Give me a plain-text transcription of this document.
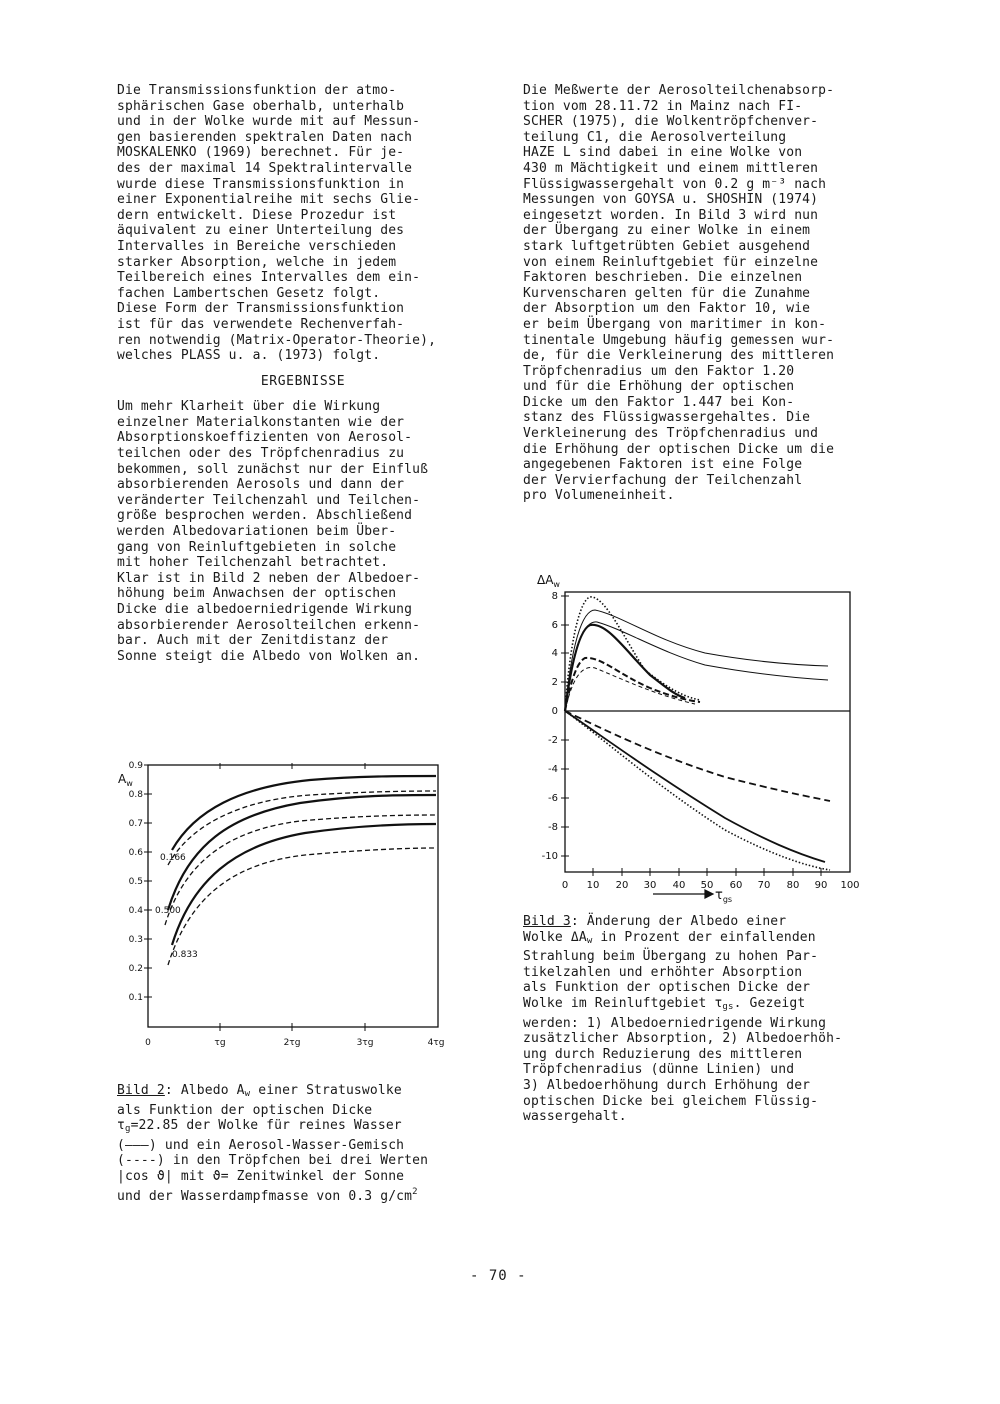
Die Transmissionsfunktion der atmo-
sphärischen Gase oberhalb, unterhalb
und in der Wolke wurde mit auf Messun-
gen basierenden spektralen Daten nach
MOSKALENKO (1969) berechnet. Für je-
des der maximal 14 Spektralintervalle
wurde diese Transmissionsfunktion in
einer Exponentialreihe mit sechs Glie-
dern entwickelt. Diese Prozedur ist
äquivalent zu einer Unterteilung des
Intervalles in Bereiche verschieden
starker Absorption, welche in jedem
Teilbereich eines Intervalles dem ein-
fachen Lambertschen Gesetz folgt.
Diese Form der Transmissionsfunktion
ist für das verwendete Rechenverfah-
ren notwendig (Matrix-Operator-Theorie),
welches PLASS u. a. (1973) folgt.

ERGEBNISSE

Um mehr Klarheit über die Wirkung
einzelner Materialkonstanten wie der
Absorptionskoeffizienten von Aerosol-
teilchen oder des Tröpfchenradius zu
bekommen, soll zunächst nur der Einfluß
absorbierenden Aerosols und dann der
veränderter Teilchenzahl und Teilchen-
größe besprochen werden. Abschließend
werden Albedovariationen beim Über-
gang von Reinluftgebieten in solche
mit hoher Teilchenzahl betrachtet.
Klar ist in Bild 2 neben der Albedoer-
höhung beim Anwachsen der optischen
Dicke die albedoerniedrigende Wirkung
absorbierender Aerosolteilchen erkenn-
bar. Auch mit der Zenitdistanz der
Sonne steigt die Albedo von Wolken an.

Die Meßwerte der Aerosolteilchenabsorp-
tion vom 28.11.72 in Mainz nach FI-
SCHER (1975), die Wolkentröpfchenver-
teilung C1, die Aerosolverteilung
HAZE L sind dabei in eine Wolke von
430 m Mächtigkeit und einem mittleren
Flüssigwassergehalt von 0.2 g m⁻³ nach
Messungen von GOYSA u. SHOSHIN (1974)
eingesetzt worden. In Bild 3 wird nun
der Übergang zu einer Wolke in einem
stark luftgetrübten Gebiet ausgehend
von einem Reinluftgebiet für einzelne
Faktoren beschrieben. Die einzelnen
Kurvenscharen gelten für die Zunahme
der Absorption um den Faktor 10, wie
er beim Übergang von maritimer in kon-
tinentale Umgebung häufig gemessen wur-
de, für die Verkleinerung des mittleren
Tröpfchenradius um den Faktor 1.20
und für die Erhöhung der optischen
Dicke um den Faktor 1.447 bei Kon-
stanz des Flüssigwassergehaltes. Die
Verkleinerung des Tröpfchenradius und
die Erhöhung der optischen Dicke um die
angegebenen Faktoren ist eine Folge
der Vervierfachung der Teilchenzahl
pro Volumeneinheit.

0.9
0.8
0.7
0.6
0.5
0.4
0.3
0.2
0.1
0	τg	2τg	3τg	4τg
$A_w$
0.166
0.500
0.833
Bild 2: Albedo $A_w$ einer Stratuswolke
als Funktion der optischen Dicke
$\tau_g=22.85$ der Wolke für reines Wasser
(———) und ein Aerosol-Wasser-Gemisch
(----) in den Tröpfchen bei drei Werten
|cos ϑ| mit ϑ= Zenitwinkel der Sonne
und der Wasserdampfmasse von 0.3 $g/cm^2$
8
6
4
2
0
-2
-4
-6
-8
-10
0 10 20 30 40 50 60 70 80 90 100
$\Delta A_w$
$\tau_{gs}$
Bild 3: Änderung der Albedo einer
Wolke $\Delta A_w$ in Prozent der einfallenden
Strahlung beim Übergang zu hohen Par-
tikelzahlen und erhöhter Absorption
als Funktion der optischen Dicke der
Wolke im Reinluftgebiet $\tau_{gs}$. Gezeigt
werden: 1) Albedoerniedrigende Wirkung
zusätzlicher Absorption, 2) Albedoerhöh-
ung durch Reduzierung des mittleren
Tröpfchenradius (dünne Linien) und
3) Albedoerhöhung durch Erhöhung der
optischen Dicke bei gleichem Flüssig-
wassergehalt.
- 70 -
